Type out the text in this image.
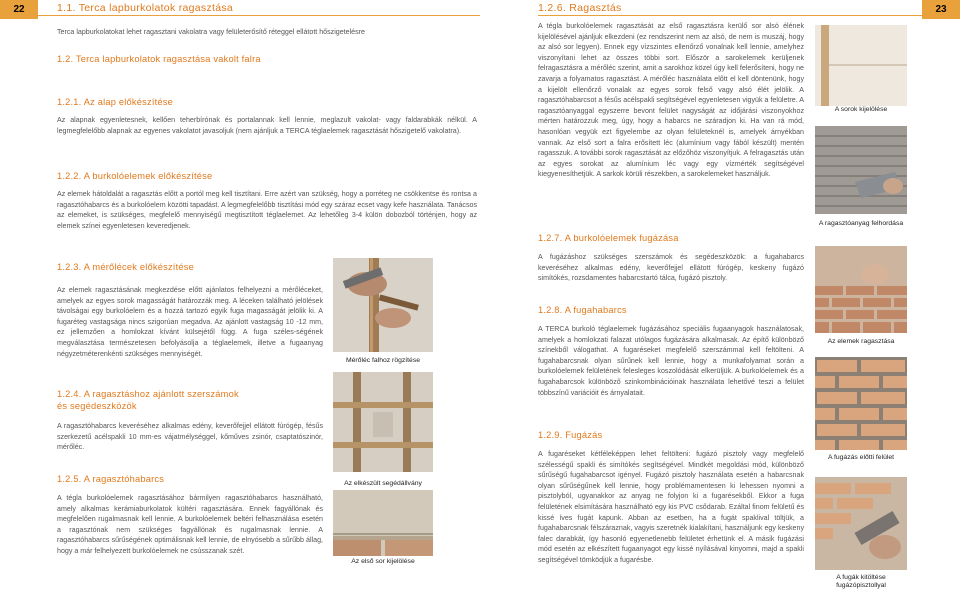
22	1.1. Terca lapburkolatok ragasztása
Terca lapburkolatokat lehet ragasztani vakolatra vagy felületerősítő réteggel ellátott hőszigetelésre
1.2. Terca lapburkolatok ragasztása vakolt falra
1.2.1. Az alap előkészítése
Az alapnak egyenletesnek, kellően teherbírónak és portalannak kell lennie, meglazult vakolat- vagy faldarabkák nélkül. A legmegfelelőbb alapnak az egyenes vakolatot javasoljuk (nem ajánljuk a TERCA téglaelemek ragasztását hőszigetelő vakolatra).
1.2.2. A burkolóelemek előkészítése
Az elemek hátoldalát a ragasztás előtt a portól meg kell tisztítani. Erre azért van szükség, hogy a porréteg ne csökkentse és rontsa a ragasztóhabarcs és a burkolóelem közötti tapadást. A legmegfelelőbb tisztítási mód egy száraz ecset vagy kefe használata. Tanácsos az elemeket, is szükséges, megfelelő mennyiségű megtisztított téglaelemet. Az lehetőleg 3-4 külön dobozból történjen, hogy az elemek színei egyenletesen keveredjenek.
1.2.3. A mérőlécek előkészítése
Az elemek ragasztásának megkezdése előtt ajánlatos felhelyezni a mérőléceket, amelyek az egyes sorok magasságát határozzák meg. A léceken található jelölések távolságai egy burkolóelem és a hozzá tartozó egyik fuga magasságát jelölik ki. A fugaréteg vastagsága nincs szigorúan megadva. Az ajánlott vastagság 10 -12 mm, ez jellemzően a homlokzat kívánt külsejétől függ. A fuga széles-ségének megválasztása természetesen befolyásolja a téglaelemek, illetve a fugaanyag négyzetméterenkénti szükséges mennyiségét.
1.2.4. A ragasztáshoz ajánlott szerszámok
és segédeszközök
A ragasztóhabarcs keveréséhez alkalmas edény, keverőfejjel ellátott fúrógép, fésűs szerkezetű acélspakli 10 mm-es vájatmélységgel, kőműves zsinór, csaptatószinór, mérőléc.
1.2.5. A ragasztóhabarcs
A tégla burkolóelemek ragasztásához bármilyen ragasztóhabarcs használható, amely alkalmas kerámiaburkolatok kültéri ragasztására. Ennek fagyállónak és megfelelően rugalmasnak kell lennie. A burkolóelemek beltéri felhasználása esetén a ragasztónak nem szükséges fagyállónak és rugalmasnak lennie. A ragasztóhabarcs sűrűségének optimálisnak kell lennie, de elnyósebb a sűrűbb állag, hogy a már felhelyezett burkolóelemek ne csússzanak szét.
Mérőléc falhoz rögzítése
Az elkészült segédállvány
Az első sor kijelölése
23
1.2.6. Ragasztás
A tégla burkolóelemek ragasztását az első ragasztásra kerülő sor alsó élének kijelölésével ajánljuk elkezdeni (ez rendszerint nem az alsó, de nem is muszáj, hogy az alsó sor legyen). Ennek egy vízszintes ellenőrző vonalnak kell lennie, amelyhez viszonyítani lehet az összes többi sort. Először a sarokelemek kerüljenek felragasztásra a mérőléc szerint, amit a sarokhoz közel úgy kell felerősíteni, hogy ne zavarja a folyamatos ragasztást. A mérőléc használata előtt el kell döntenünk, hogy a kijelölt ellenőrző vonalak az egyes sorok felső vagy alsó élét jelölik. A ragasztóhabarcsot a fésűs acélspakli segítségével egyenletesen vigyük a felületre. A ragasztóanyaggal egyszerre bevont felület nagyságát az időjárási viszonyokhoz mérten határozzuk meg, úgy, hogy a habarcs ne száradjon ki. Ha van rá mód, hasonlóan vegyük ezt figyelembe az olyan felületeknél is, amelyek árnyékban vannak. Az első sort a falra erősített léc (alumínium vagy fából készült) mentén ragasszuk. A további sorok ragasztását az előzőhöz viszonyítjuk. A felragasztás után az egyes sorokat az alumínium léc vagy egy vízmérték segítségével kiegyenesíthetjük. A sarkok körüli részekben, a sarokelemeket használjuk.
1.2.7. A burkolóelemek fugázása
A fugázáshoz szükséges szerszámok és segédeszközök: a fugahabarcs keveréséhez alkalmas edény, keverőfejjel ellátott fúrógép, keskeny fugázó simítókés, rozsdamentes habarcstartó tálca, fugázó pisztoly.
1.2.8. A fugahabarcs
A TERCA burkoló téglaelemek fugázásához speciális fugaanyagok használatosak, amelyek a homlokzati falazat utólagos fugázására alkalmasak. Az építő különböző színekből válogathat. A fugaréseket megfelelő szerszámmal kell feltölteni. A fugahabarcsnak olyan sűrűnek kell lennie, hogy a munkafolyamat során a burkolóelemek felületének felesleges koszolódását elkerüljük. A burkolóelemek és a fugahabarcsok különböző szinkombinációinak használata lehetővé teszi a felület többszínű variációit és árnyalatait.
1.2.9. Fugázás
A fugaréseket kétféleképpen lehet feltölteni: fugázó pisztoly vagy megfelelő szélességű spakli és simítókés segítségével. Mindkét megoldási mód, különböző sűrűségű fugahabarcsot igényel. Fugázó pisztoly használata esetén a habarcsnak olyan sűrűségűnek kell lennie, hogy problémamentesen ki lehessen nyomni a pisztolyból, ugyanakkor az anyag ne folyjon ki a fugarésekből. Ekkor a fuga felületének elsimítására használható egy kis PVC csődarab. Ezáltal finom felületű és kissé íves fugát kapunk. Abban az esetben, ha a fugát spaklival töltjük, a fugahabarcsnak félszáraznak, vagyis szeretnék kialakítani, használjunk egy keskeny falec darabkát, így hasonló egyenetlenebb felületet érhetünk el. A másik fugázási mód esetén az elkészített fugaanyagot egy kissé nyílásával kinyomni, majd a spakli segítségével tömködjük a fugarésbe.
A sorok kijelölése
A ragasztóanyag felhordása
Az elemek ragasztása
A fugázás előtti felület
A fugák kitöltése
fugázópisztollyal
